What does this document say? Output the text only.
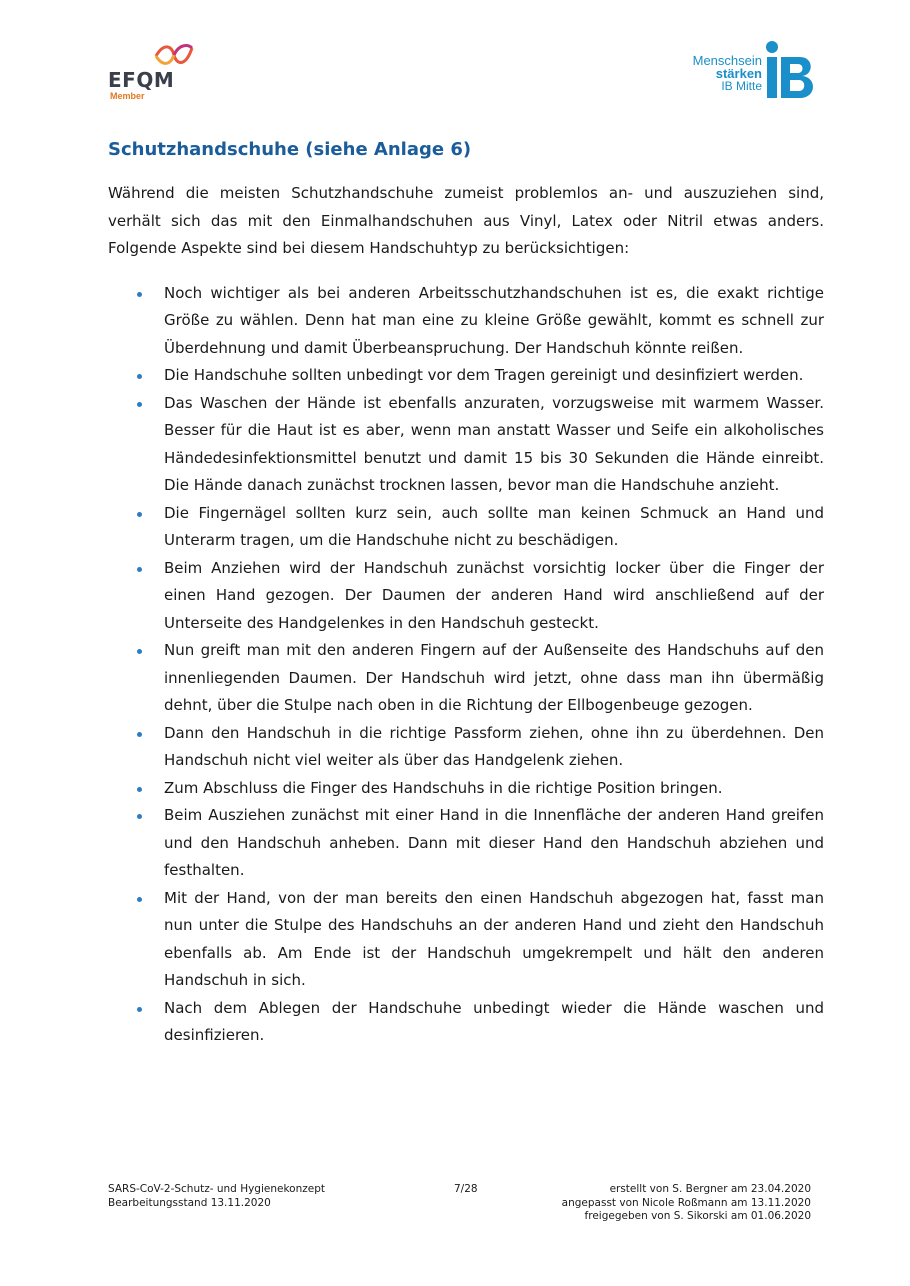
EFQM
Member
Menschsein
stärken
IB Mitte
Schutzhandschuhe (siehe Anlage 6)

Während die meisten Schutzhandschuhe zumeist problemlos an- und auszuziehen sind, verhält sich das mit den Einmalhandschuhen aus Vinyl, Latex oder Nitril etwas anders. Folgende Aspekte sind bei diesem Handschuhtyp zu berücksichtigen:

Noch wichtiger als bei anderen Arbeitsschutzhandschuhen ist es, die exakt richtige Größe zu wählen. Denn hat man eine zu kleine Größe gewählt, kommt es schnell zur Überdehnung und damit Überbeanspruchung. Der Handschuh könnte reißen.
Die Handschuhe sollten unbedingt vor dem Tragen gereinigt und desinfiziert werden.
Das Waschen der Hände ist ebenfalls anzuraten, vorzugsweise mit warmem Wasser. Besser für die Haut ist es aber, wenn man anstatt Wasser und Seife ein alkoholisches Händedesinfektionsmittel benutzt und damit 15 bis 30 Sekunden die Hände einreibt. Die Hände danach zunächst trocknen lassen, bevor man die Handschuhe anzieht.
Die Fingernägel sollten kurz sein, auch sollte man keinen Schmuck an Hand und Unterarm tragen, um die Handschuhe nicht zu beschädigen.
Beim Anziehen wird der Handschuh zunächst vorsichtig locker über die Finger der einen Hand gezogen. Der Daumen der anderen Hand wird anschließend auf der Unterseite des Handgelenkes in den Handschuh gesteckt.
Nun greift man mit den anderen Fingern auf der Außenseite des Handschuhs auf den innenliegenden Daumen. Der Handschuh wird jetzt, ohne dass man ihn übermäßig dehnt, über die Stulpe nach oben in die Richtung der Ellbogenbeuge gezogen.
Dann den Handschuh in die richtige Passform ziehen, ohne ihn zu überdehnen. Den Handschuh nicht viel weiter als über das Handgelenk ziehen.
Zum Abschluss die Finger des Handschuhs in die richtige Position bringen.
Beim Ausziehen zunächst mit einer Hand in die Innenfläche der anderen Hand greifen und den Handschuh anheben. Dann mit dieser Hand den Handschuh abziehen und festhalten.
Mit der Hand, von der man bereits den einen Handschuh abgezogen hat, fasst man nun unter die Stulpe des Handschuhs an der anderen Hand und zieht den Handschuh ebenfalls ab. Am Ende ist der Handschuh umgekrempelt und hält den anderen Handschuh in sich.
Nach dem Ablegen der Handschuhe unbedingt wieder die Hände waschen und desinfizieren.
SARS-CoV-2-Schutz- und Hygienekonzept
Bearbeitungsstand 13.11.2020
7/28	erstellt von S. Bergner am 23.04.2020
angepasst von Nicole Roßmann am 13.11.2020
freigegeben von S. Sikorski am 01.06.2020
